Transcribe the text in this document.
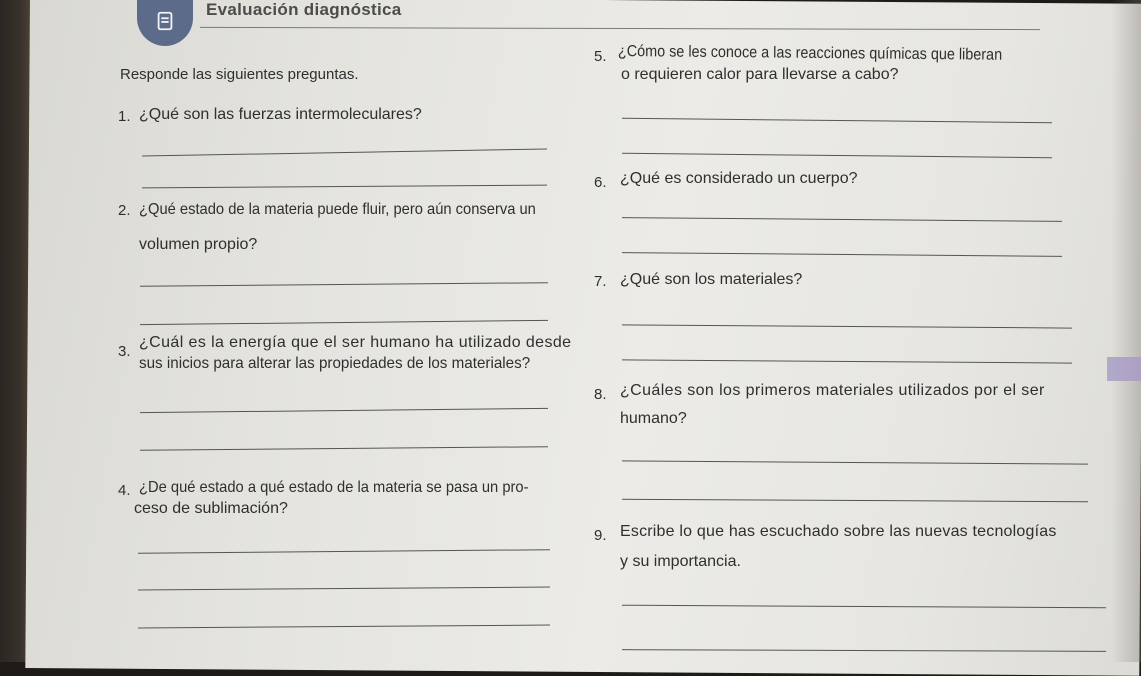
Evaluación diagnóstica
Responde las siguientes preguntas.
1. ¿Qué son las fuerzas intermoleculares?
2. ¿Qué estado de la materia puede fluir, pero aún conserva un
volumen propio?
3.
¿Cuál es la energía que el ser humano ha utilizado desde
sus inicios para alterar las propiedades de los materiales?
4. ¿De qué estado a qué estado de la materia se pasa un pro-
ceso de sublimación?
5. ¿Cómo se les conoce a las reacciones químicas que liberan
o requieren calor para llevarse a cabo?
6. ¿Qué es considerado un cuerpo?
7. ¿Qué son los materiales?
8. ¿Cuáles son los primeros materiales utilizados por el ser
humano?
9. Escribe lo que has escuchado sobre las nuevas tecnologías
y su importancia.
